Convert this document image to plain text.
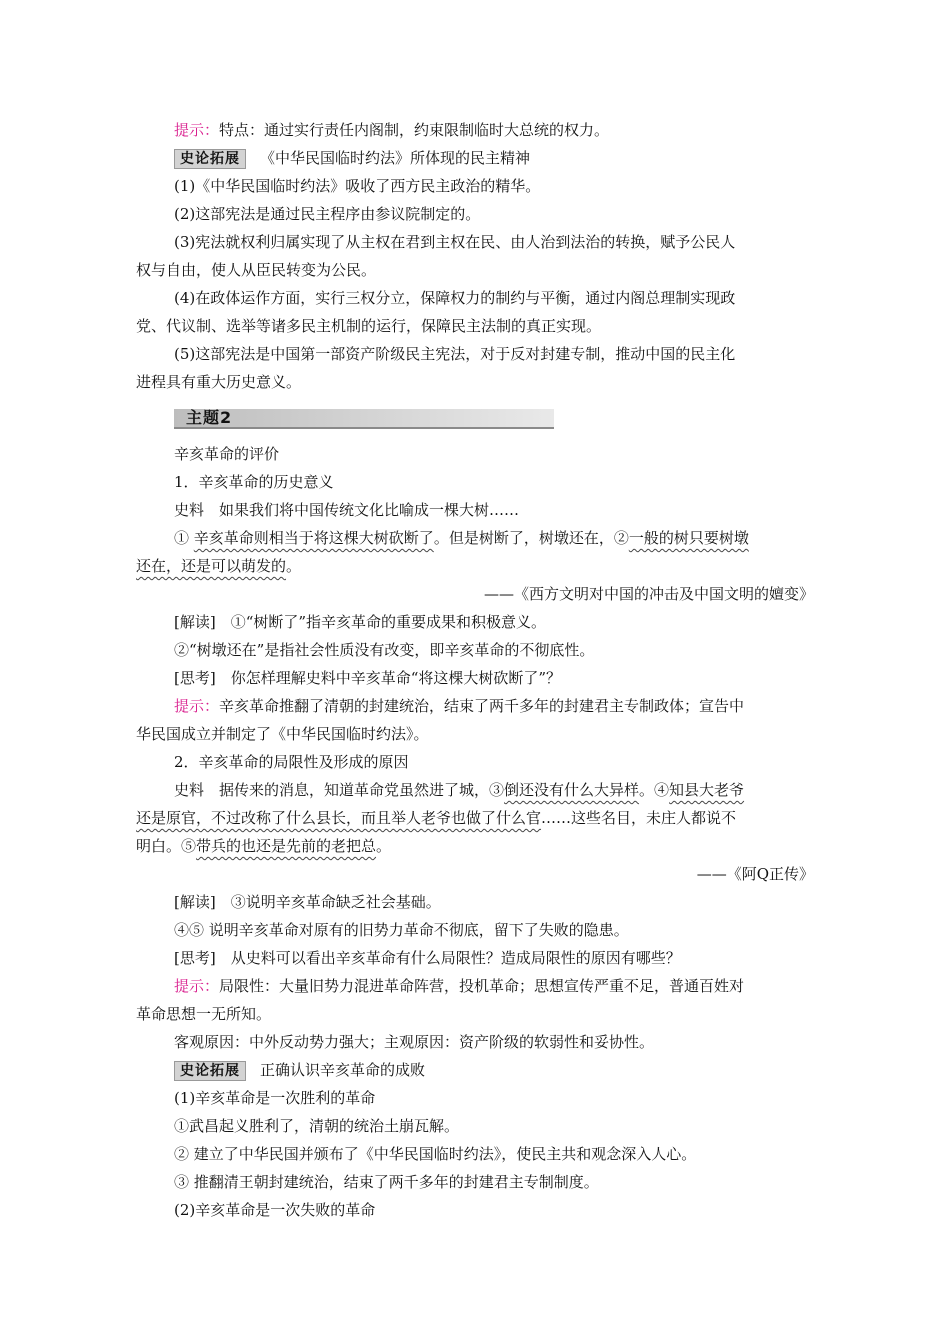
提示：特点：通过实行责任内阁制，约束限制临时大总统的权力。

史论拓展 《中华民国临时约法》所体现的民主精神

(1)《中华民国临时约法》吸收了西方民主政治的精华。

(2)这部宪法是通过民主程序由参议院制定的。

(3)宪法就权利归属实现了从主权在君到主权在民、由人治到法治的转换，赋予公民人

权与自由，使人从臣民转变为公民。

(4)在政体运作方面，实行三权分立，保障权力的制约与平衡，通过内阁总理制实现政

党、代议制、选举等诸多民主机制的运行，保障民主法制的真正实现。

(5)这部宪法是中国第一部资产阶级民主宪法，对于反对封建专制，推动中国的民主化

进程具有重大历史意义。

主题2

辛亥革命的评价

1．辛亥革命的历史意义

史料　如果我们将中国传统文化比喻成一棵大树……

① 辛亥革命则相当于将这棵大树砍断了。但是树断了，树墩还在，②一般的树只要树墩

还在，还是可以萌发的。

——《西方文明对中国的冲击及中国文明的嬗变》

[解读]　①“树断了”指辛亥革命的重要成果和积极意义。

②“树墩还在”是指社会性质没有改变，即辛亥革命的不彻底性。

[思考]　你怎样理解史料中辛亥革命“将这棵大树砍断了”？

提示：辛亥革命推翻了清朝的封建统治，结束了两千多年的封建君主专制政体；宣告中

华民国成立并制定了《中华民国临时约法》。

2．辛亥革命的局限性及形成的原因

史料　据传来的消息，知道革命党虽然进了城，③倒还没有什么大异样。④知县大老爷

还是原官，不过改称了什么县长，而且举人老爷也做了什么官……这些名目，未庄人都说不

明白。⑤带兵的也还是先前的老把总。

——《阿Q正传》

[解读]　③说明辛亥革命缺乏社会基础。

④⑤ 说明辛亥革命对原有的旧势力革命不彻底，留下了失败的隐患。

[思考]　从史料可以看出辛亥革命有什么局限性？造成局限性的原因有哪些？

提示：局限性：大量旧势力混进革命阵营，投机革命；思想宣传严重不足，普通百姓对

革命思想一无所知。

客观原因：中外反动势力强大；主观原因：资产阶级的软弱性和妥协性。

史论拓展 正确认识辛亥革命的成败

(1)辛亥革命是一次胜利的革命

①武昌起义胜利了，清朝的统治土崩瓦解。

② 建立了中华民国并颁布了《中华民国临时约法》，使民主共和观念深入人心。

③ 推翻清王朝封建统治，结束了两千多年的封建君主专制制度。

(2)辛亥革命是一次失败的革命
